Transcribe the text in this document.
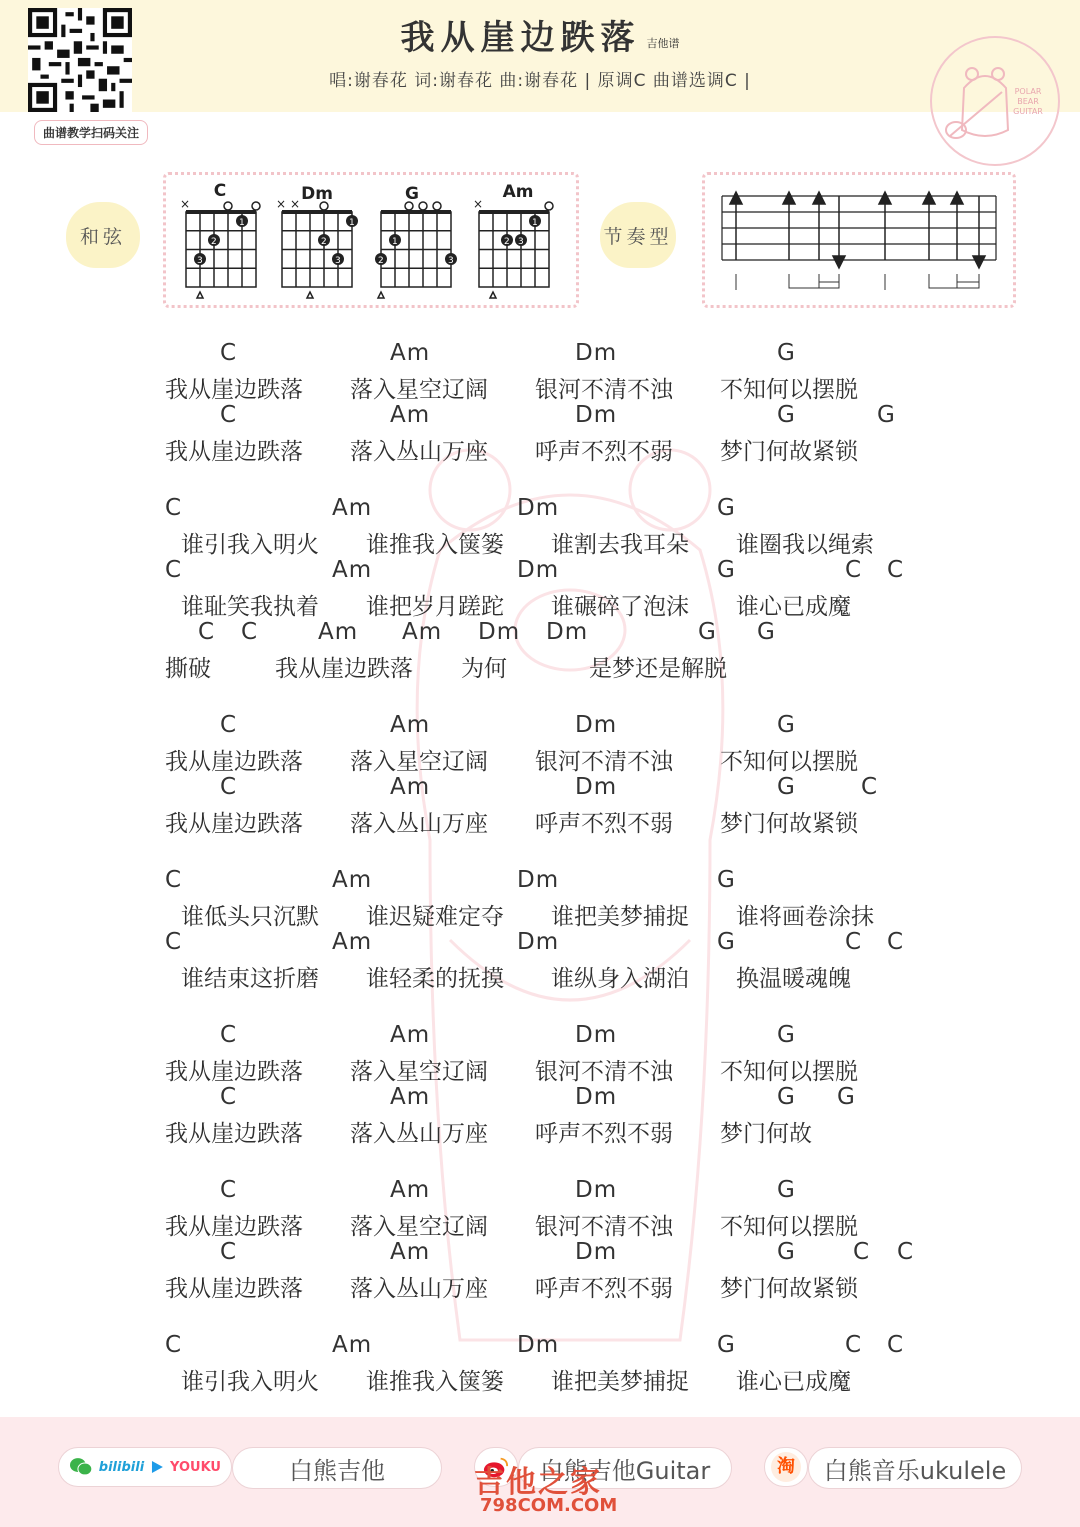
曲谱教学扫码关注
我从崖边跌落 吉他谱
唱:谢春花 词:谢春花 曲:谢春花 | 原调C 曲谱选调C |
POLAR
BEAR
GUITAR
和弦
×
1
2
3
× ×
1
2
3
1
2	3
×
1
2 3
C	Dm	G	Am
节奏型
C	Am	Dm	G
我从崖边跌落 落入星空辽阔 银河不清不浊 不知何以摆脱
C	Am	Dm	G	G
我从崖边跌落 落入丛山万座 呼声不烈不弱 梦门何故紧锁
C	Am	Dm	G
谁引我入明火 谁推我入箧篓 谁割去我耳朵 谁圈我以绳索
C	Am	Dm	G	C C
谁耻笑我执着 谁把岁月蹉跎 谁碾碎了泡沫 谁心已成魔
C C	Am Am Dm Dm	G G
撕破	我从崖边跌落 为何	是梦还是解脱
C	Am	Dm	G
我从崖边跌落 落入星空辽阔 银河不清不浊 不知何以摆脱
C	Am	Dm	G	C
我从崖边跌落 落入丛山万座 呼声不烈不弱 梦门何故紧锁
C	Am	Dm	G
谁低头只沉默 谁迟疑难定夺 谁把美梦捕捉 谁将画卷涂抹
C	Am	Dm	G	C C
谁结束这折磨 谁轻柔的抚摸 谁纵身入湖泊 换温暖魂魄
C	Am	Dm	G
我从崖边跌落 落入星空辽阔 银河不清不浊 不知何以摆脱
C	Am	Dm	G G
我从崖边跌落 落入丛山万座 呼声不烈不弱 梦门何故
C	Am	Dm	G
我从崖边跌落 落入星空辽阔 银河不清不浊 不知何以摆脱
C	Am	Dm	G C C
我从崖边跌落 落入丛山万座 呼声不烈不弱 梦门何故紧锁
C	Am	Dm	G	C C
谁引我入明火 谁推我入箧篓 谁把美梦捕捉 谁心已成魔
bilibili YOUKU	白熊吉他	白熊吉他Guitar	淘	白熊音乐ukulele
吉他之家
798COM.COM
